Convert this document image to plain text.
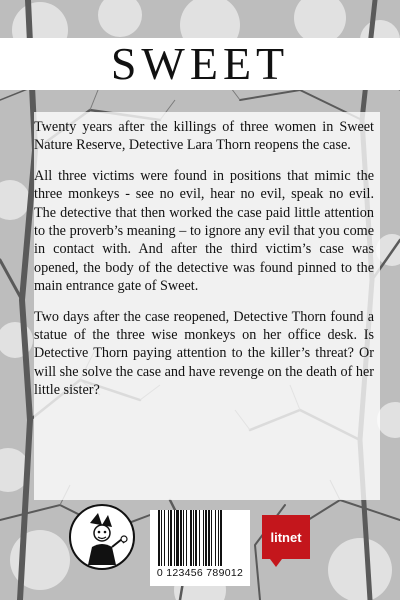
SWEET

Twenty years after the killings of three women in Sweet Nature Reserve, Detective Lara Thorn reopens the case.

All three victims were found in positions that mimic the three monkeys - see no evil, hear no evil, speak no evil. The detective that then worked the case paid little attention to the proverb’s meaning – to ignore any evil that you come in contact with. And after the third victim’s case was opened, the body of the detective was found pinned to the main entrance gate of Sweet.

Two days after the case reopened, Detective Thorn found a statue of the three wise monkeys on her office desk. Is Detective Thorn paying attention to the killer’s threat? Or will she solve the case and have revenge on the death of her little sister?

0 123456 789012
litnet
